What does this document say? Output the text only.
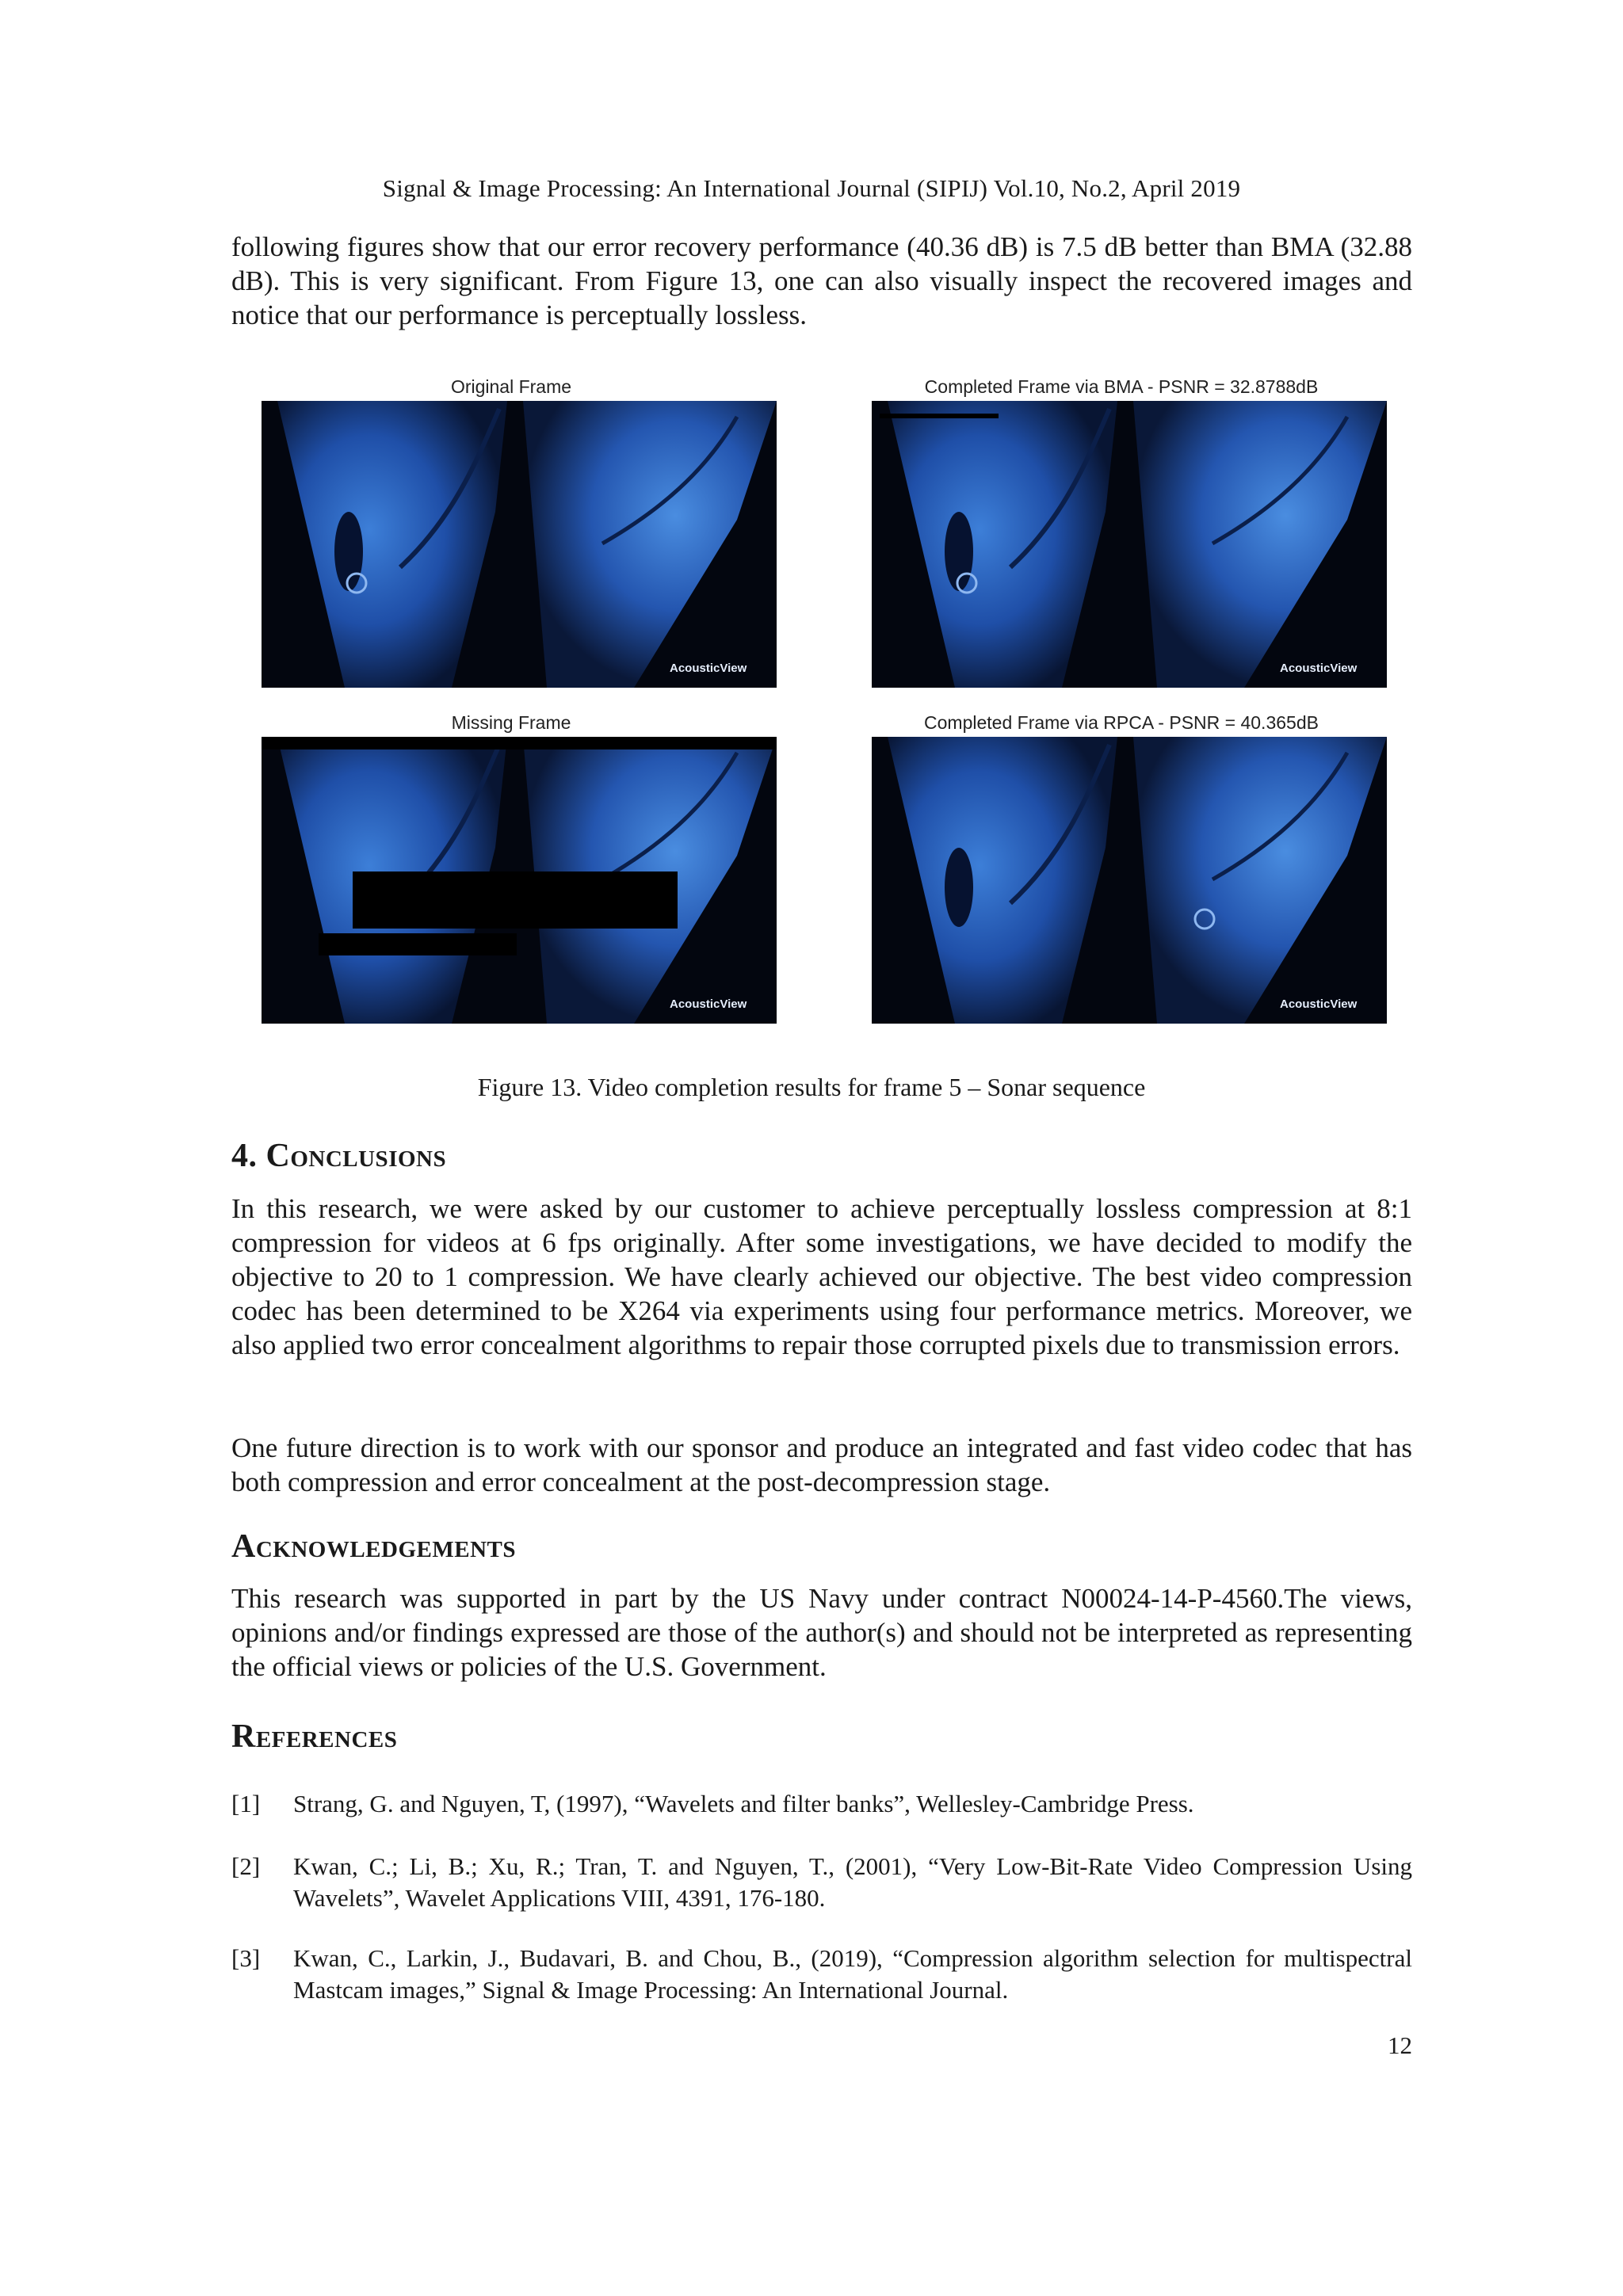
Signal & Image Processing: An International Journal (SIPIJ) Vol.10, No.2, April 2019

following figures show that our error recovery performance (40.36 dB) is 7.5 dB better than BMA (32.88 dB). This is very significant. From Figure 13, one can also visually inspect the recovered images and notice that our performance is perceptually lossless.

Original Frame
AcousticView
Completed Frame via BMA - PSNR = 32.8788dB
AcousticView
Missing Frame
AcousticView
Completed Frame via RPCA - PSNR = 40.365dB
AcousticView
Figure 13. Video completion results for frame 5 – Sonar sequence
4. Conclusions

In this research, we were asked by our customer to achieve perceptually lossless compression at 8:1 compression for videos at 6 fps originally. After some investigations, we have decided to modify the objective to 20 to 1 compression. We have clearly achieved our objective. The best video compression codec has been determined to be X264 via experiments using four performance metrics. Moreover, we also applied two error concealment algorithms to repair those corrupted pixels due to transmission errors.

One future direction is to work with our sponsor and produce an integrated and fast video codec that has both compression and error concealment at the post-decompression stage.

Acknowledgements

This research was supported in part by the US Navy under contract N00024-14-P-4560.The views, opinions and/or findings expressed are those of the author(s) and should not be interpreted as representing the official views or policies of the U.S. Government.

References
[1] Strang, G. and Nguyen, T, (1997), “Wavelets and filter banks”, Wellesley-Cambridge Press.
[2] Kwan, C.; Li, B.; Xu, R.; Tran, T. and Nguyen, T., (2001), “Very Low-Bit-Rate Video Compression Using Wavelets”, Wavelet Applications VIII, 4391, 176-180.
[3] Kwan, C., Larkin, J., Budavari, B. and Chou, B., (2019), “Compression algorithm selection for multispectral Mastcam images,” Signal & Image Processing: An International Journal.
12
